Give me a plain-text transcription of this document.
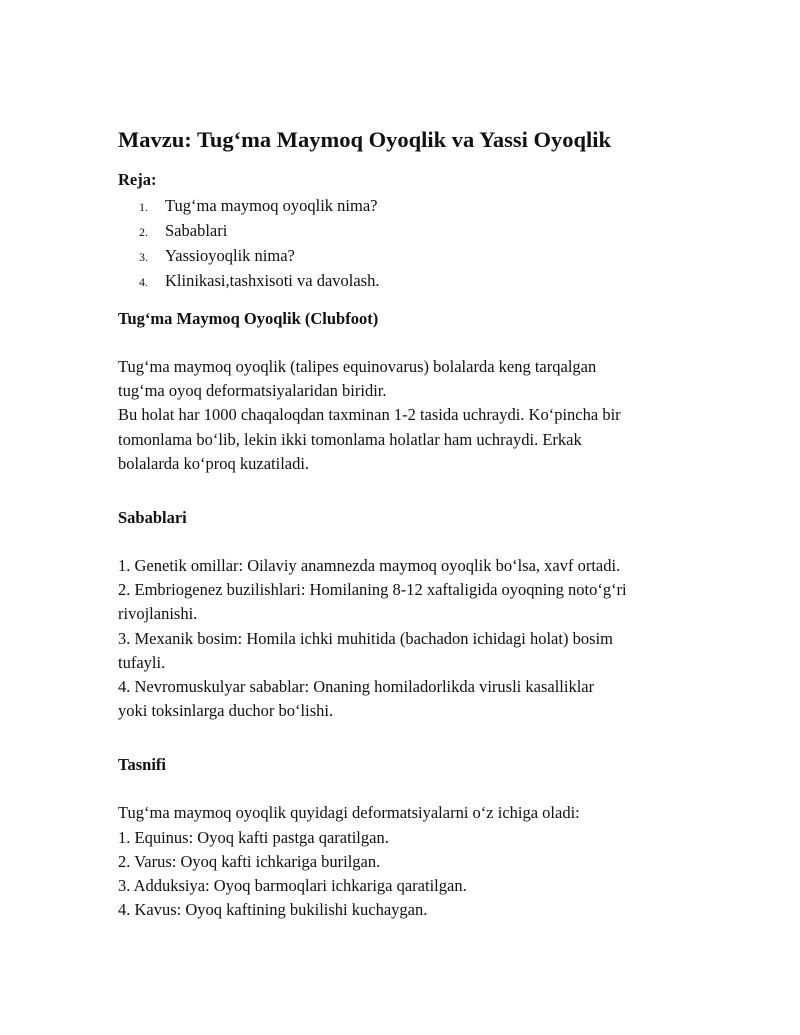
Mavzu: Tug‘ma Maymoq Oyoqlik va Yassi Oyoqlik
Reja:
1.	Tug‘ma maymoq oyoqlik nima?
2.	Sabablari
3.	Yassioyoqlik nima?
4.	Klinikasi,tashxisoti va davolash.
Tug‘ma Maymoq Oyoqlik (Clubfoot)
Tug‘ma maymoq oyoqlik (talipes equinovarus) bolalarda keng tarqalgan
tug‘ma oyoq deformatsiyalaridan biridir.
Bu holat har 1000 chaqaloqdan taxminan 1-2 tasida uchraydi. Ko‘pincha bir
tomonlama bo‘lib, lekin ikki tomonlama holatlar ham uchraydi. Erkak
bolalarda ko‘proq kuzatiladi.
Sabablari
1. Genetik omillar: Oilaviy anamnezda maymoq oyoqlik bo‘lsa, xavf ortadi.
2. Embriogenez buzilishlari: Homilaning 8-12 xaftaligida oyoqning noto‘g‘ri
rivojlanishi.
3. Mexanik bosim: Homila ichki muhitida (bachadon ichidagi holat) bosim
tufayli.
4. Nevromuskulyar sabablar: Onaning homiladorlikda virusli kasalliklar
yoki toksinlarga duchor bo‘lishi.
Tasnifi
Tug‘ma maymoq oyoqlik quyidagi deformatsiyalarni o‘z ichiga oladi:
1. Equinus: Oyoq kafti pastga qaratilgan.
2. Varus: Oyoq kafti ichkariga burilgan.
3. Adduksiya: Oyoq barmoqlari ichkariga qaratilgan.
4. Kavus: Oyoq kaftining bukilishi kuchaygan.
